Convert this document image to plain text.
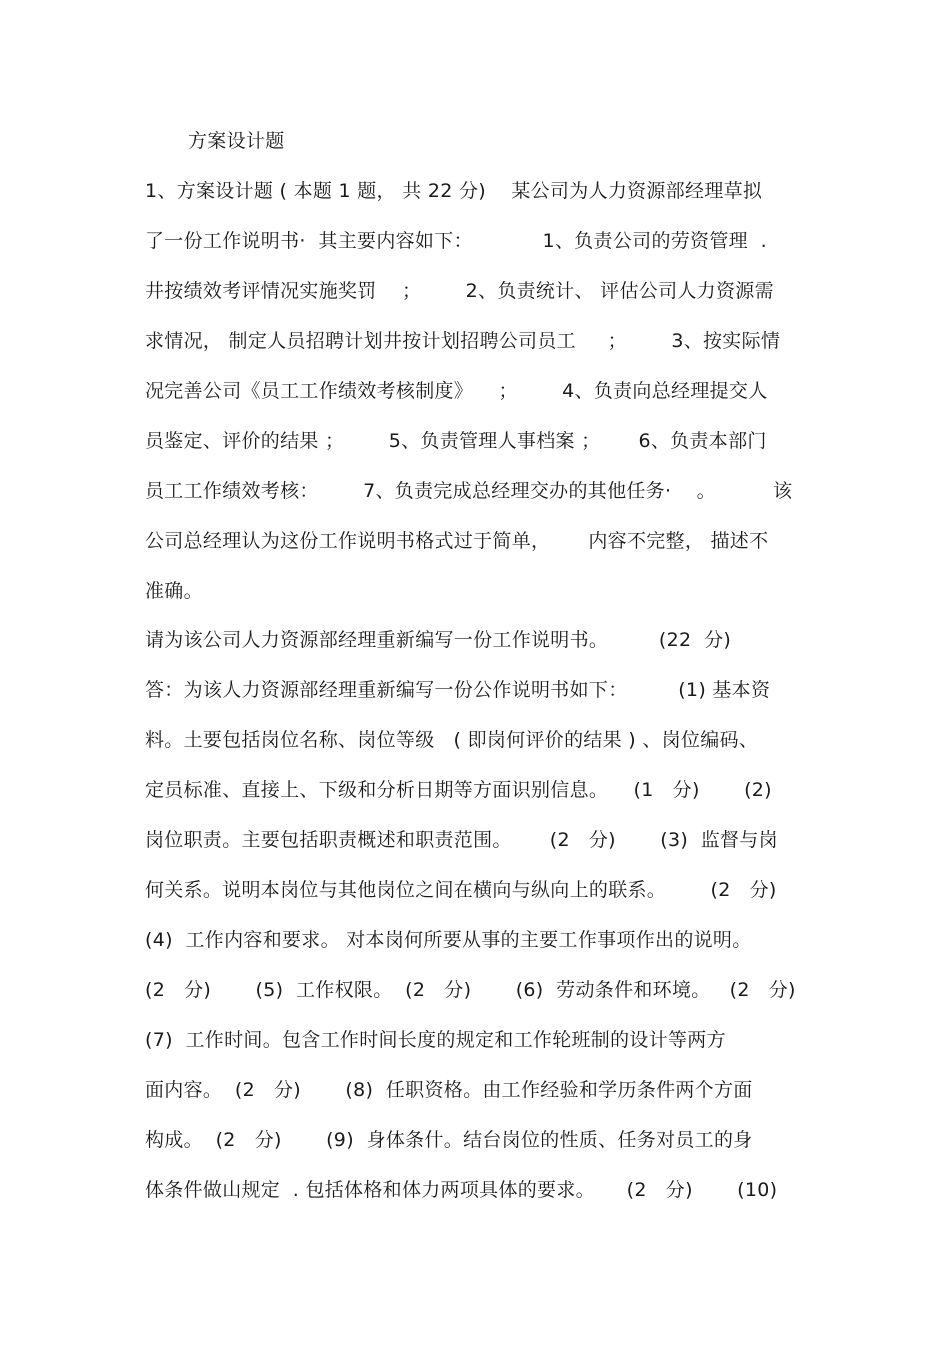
方案设计题
1、方案设计题 ( 本题 1 题， 共 22 分)    某公司为人力资源部经理草拟
了一份工作说明书·  其主要内容如下：           1、负责公司的劳资管理  .
井按绩效考评情况实施奖罚    ；       2、负责统计、 评估公司人力资源需
求情况， 制定人员招聘计划井按计划招聘公司员工     ；       3、按实际情
况完善公司《员工工作绩效考核制度》    ；       4、负责向总经理提交人
员鉴定、评价的结果 ；       5、负责管理人事档案 ；      6、负责本部门
员工工作绩效考核：       7、负责完成总经理交办的其他任务·    。         该
公司总经理认为这份工作说明书格式过于简单，      内容不完整， 描述不
准确。
请为该公司人力资源部经理重新编写一份工作说明书。        (22  分)
答：为该人力资源部经理重新编写一份公作说明书如下：        (1) 基本资
料。土要包括岗位名称、岗位等级   ( 即岗何评价的结果 ) 、岗位编码、
定员标准、直接上、下级和分析日期等方面识别信息。    (1   分)       (2)
岗位职责。主要包括职责概述和职责范围。      (2   分)       (3)  监督与岗
何关系。说明本岗位与其他岗位之间在横向与纵向上的联系。       (2   分)
(4)  工作内容和要求。 对本岗何所要从事的主要工作事项作出的说明。
(2   分)       (5)  工作权限。  (2   分)       (6)  劳动条件和环境。   (2   分)
(7)  工作时间。包含工作时间长度的规定和工作轮班制的设计等两方
面内容。  (2   分)       (8)  任职资格。由工作经验和学历条件两个方面
构成。  (2   分)       (9)  身体条什。结台岗位的性质、任务对员工的身
体条件做山规定  . 包括体格和体力两项具体的要求。     (2   分)       (10)
